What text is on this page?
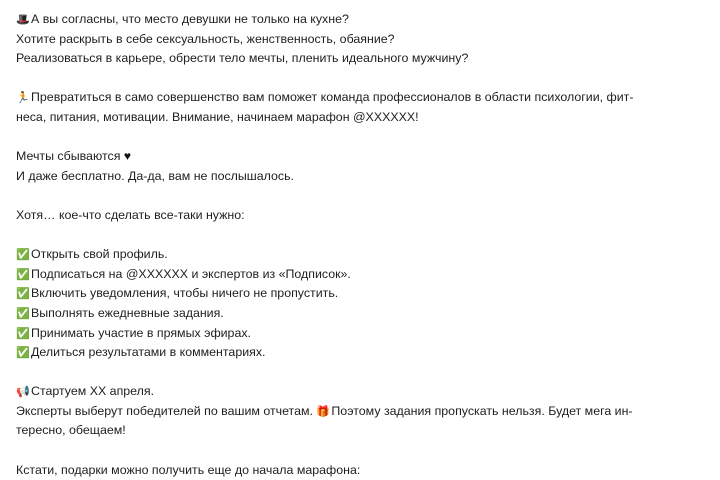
🎩А вы согласны, что место девушки не только на кухне?
Хотите раскрыть в себе сексуальность, женственность, обаяние?
Реализоваться в карьере, обрести тело мечты, пленить идеального мужчину?
🏃Превратиться в само совершенство вам поможет команда профессионалов в области психологии, фит-
неса, питания, мотивации. Внимание, начинаем марафон @XXXXXX!
Мечты сбываются ♥
И даже бесплатно. Да-да, вам не послышалось.
Хотя… кое-что сделать все-таки нужно:
✅Открыть свой профиль.
✅Подписаться на @XXXXXX и экспертов из «Подписок».
✅Включить уведомления, чтобы ничего не пропустить.
✅Выполнять ежедневные задания.
✅Принимать участие в прямых эфирах.
✅Делиться результатами в комментариях.
📢Стартуем XX апреля.
Эксперты выберут победителей по вашим отчетам. 🎁Поэтому задания пропускать нельзя. Будет мега ин-
тересно, обещаем!
Кстати, подарки можно получить еще до начала марафона:
